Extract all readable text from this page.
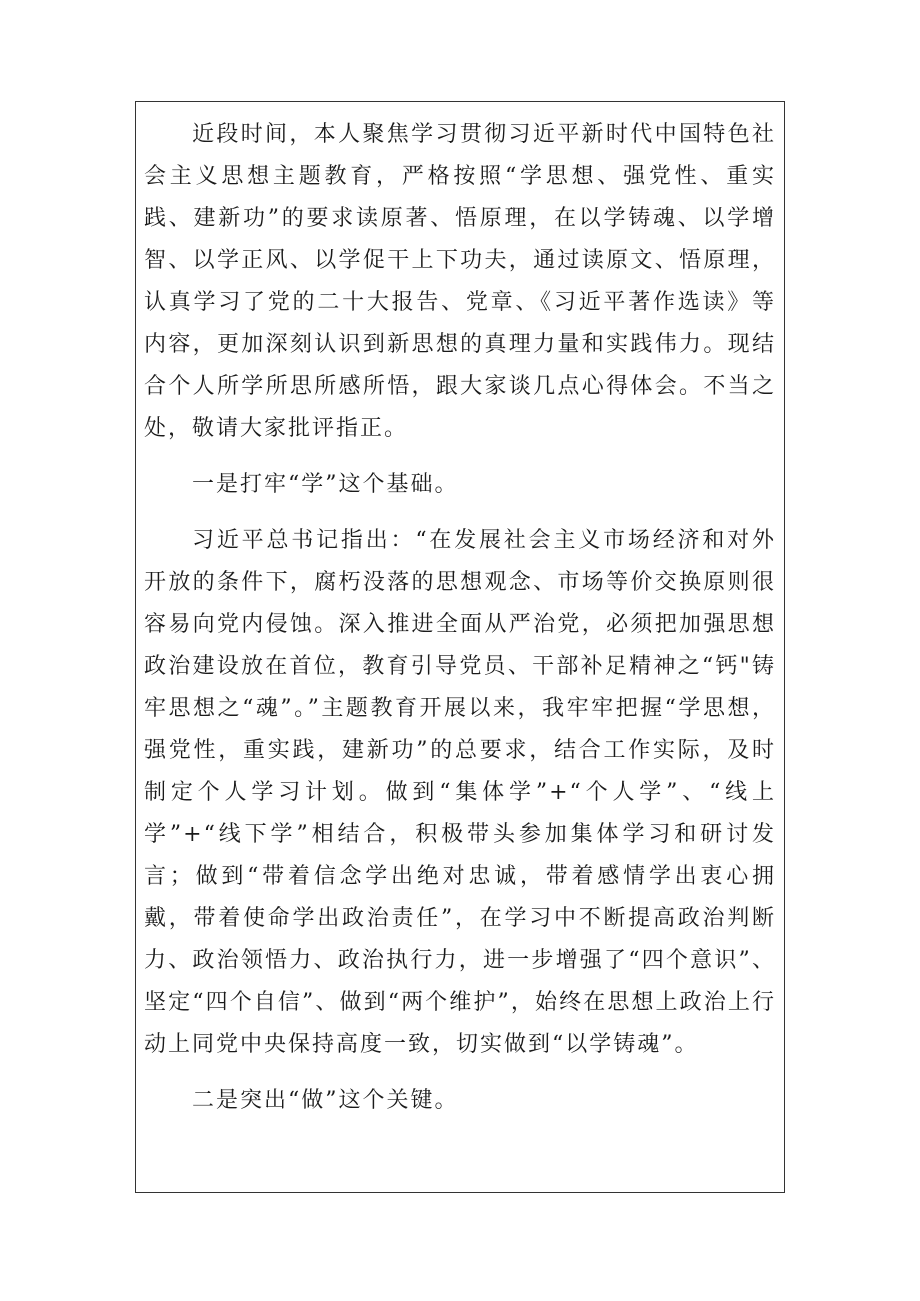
近段时间，本人聚焦学习贯彻习近平新时代中国特色社会主义思想主题教育，严格按照“学思想、强党性、重实践、建新功”的要求读原著、悟原理，在以学铸魂、以学增智、以学正风、以学促干上下功夫，通过读原文、悟原理，认真学习了党的二十大报告、党章、《习近平著作选读》等内容，更加深刻认识到新思想的真理力量和实践伟力。现结合个人所学所思所感所悟，跟大家谈几点心得体会。不当之处，敬请大家批评指正。

一是打牢“学”这个基础。

习近平总书记指出：“在发展社会主义市场经济和对外开放的条件下，腐朽没落的思想观念、市场等价交换原则很容易向党内侵蚀。深入推进全面从严治党，必须把加强思想政治建设放在首位，教育引导党员、干部补足精神之“钙"铸牢思想之“魂”。”主题教育开展以来，我牢牢把握“学思想，强党性，重实践，建新功”的总要求，结合工作实际，及时制定个人学习计划。做到“集体学”+“个人学”、“线上学”+“线下学”相结合，积极带头参加集体学习和研讨发言；做到“带着信念学出绝对忠诚，带着感情学出衷心拥戴，带着使命学出政治责任”，在学习中不断提高政治判断力、政治领悟力、政治执行力，进一步增强了“四个意识”、坚定“四个自信”、做到“两个维护”，始终在思想上政治上行动上同党中央保持高度一致，切实做到“以学铸魂”。

二是突出“做”这个关键。
